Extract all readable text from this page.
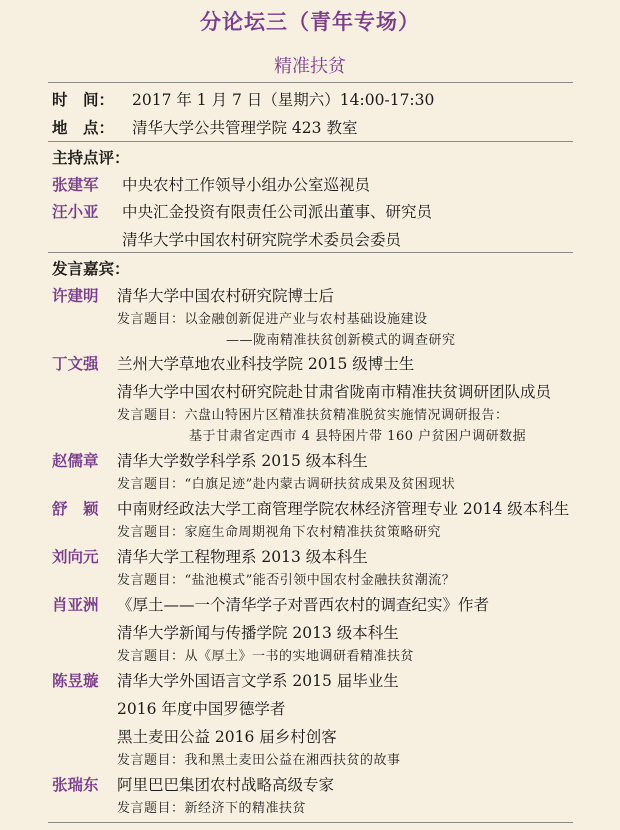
分论坛三（青年专场）
精准扶贫
时　间： 2017 年 1 月 7 日（星期六）14:00-17:30
地　点： 清华大学公共管理学院 423 教室
主持点评：
张建军 中央农村工作领导小组办公室巡视员
汪小亚 中央汇金投资有限责任公司派出董事、研究员
清华大学中国农村研究院学术委员会委员
发言嘉宾：
许建明 清华大学中国农村研究院博士后
发言题目：以金融创新促进产业与农村基础设施建设
——陇南精准扶贫创新模式的调查研究
丁文强 兰州大学草地农业科技学院 2015 级博士生
清华大学中国农村研究院赴甘肃省陇南市精准扶贫调研团队成员
发言题目：六盘山特困片区精准扶贫精准脱贫实施情况调研报告：
基于甘肃省定西市 4 县特困片带 160 户贫困户调研数据
赵儒章 清华大学数学科学系 2015 级本科生
发言题目：“白旗足迹”赴内蒙古调研扶贫成果及贫困现状
舒　颖 中南财经政法大学工商管理学院农林经济管理专业 2014 级本科生
发言题目：家庭生命周期视角下农村精准扶贫策略研究
刘向元 清华大学工程物理系 2013 级本科生
发言题目：“盐池模式”能否引领中国农村金融扶贫潮流？
肖亚洲 《厚土——一个清华学子对晋西农村的调查纪实》作者
清华大学新闻与传播学院 2013 级本科生
发言题目：从《厚土》一书的实地调研看精准扶贫
陈昱璇 清华大学外国语言文学系 2015 届毕业生
2016 年度中国罗德学者
黑土麦田公益 2016 届乡村创客
发言题目：我和黑土麦田公益在湘西扶贫的故事
张瑞东 阿里巴巴集团农村战略高级专家
发言题目：新经济下的精准扶贫
